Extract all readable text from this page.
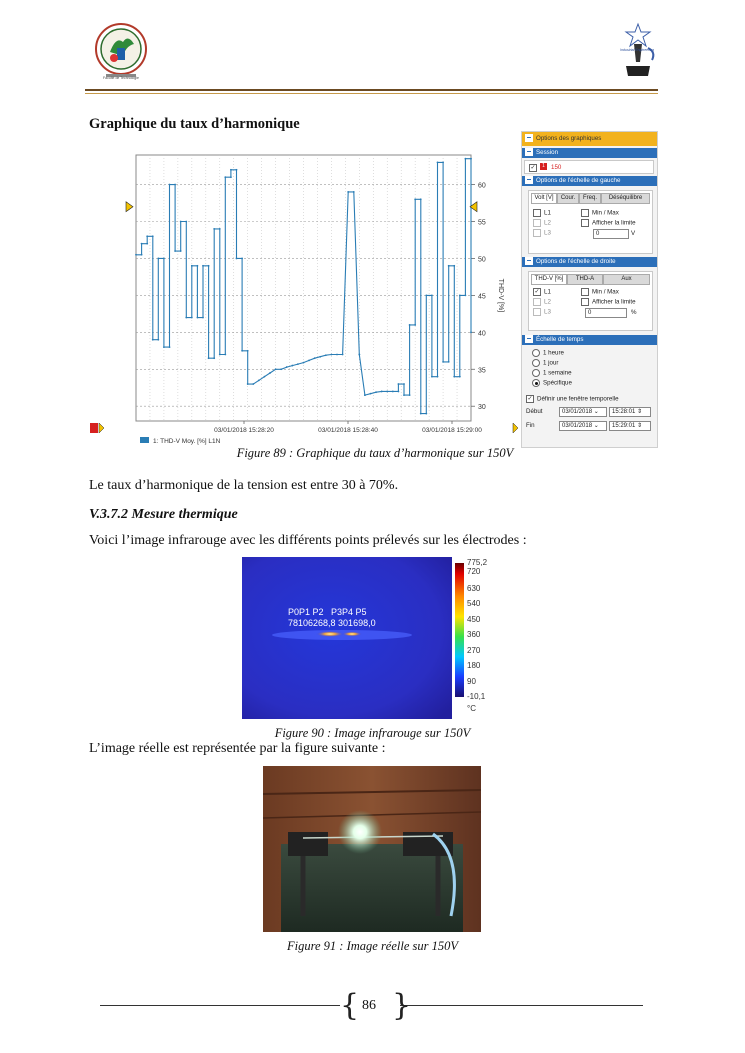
Faculté de Technologie
Industrial Engineering
Graphique du taux d’harmonique
30
35
40
45
50
55
60
THD-V [%]
03/01/2018 15:28:20	03/01/2018 15:28:40	03/01/2018 15:29:00
1: THD-V Moy. [%] L1N
Options des graphiques
Session
✓	1 150
Options de l'échelle de gauche
Volt [V]	Cour.	Freq.	Déséquilibre
L1
L2
L3
Min / Max
Afficher la limite
0	V
Options de l'échelle de droite
THD-V [%]	THD-A	Aux
✓ L1
L2
L3
Min / Max
Afficher la limite
0	%
Échelle de temps
1 heure
1 jour
1 semaine
Spécifique
✓ Définir une fenêtre temporelle
Début	03/01/2018 ⌄	15:28:01 ⇕
Fin	03/01/2018 ⌄	15:29:01 ⇕
Figure 89 : Graphique du taux d’harmonique sur 150V
Le taux d’harmonique de la tension est entre 30 à 70%.
V.3.7.2 Mesure thermique
Voici l’image infrarouge avec les différents points prélevés sur les électrodes :
P0P1 P2   P3P4 P5
78106268,8 301698,0
775,2
720
630
540
450
360
270
180
90
-10,1
°C
Figure 90 : Image infrarouge sur 150V
L’image réelle est représentée par la figure suivante :
Figure 91 : Image réelle sur 150V
{ }
86
